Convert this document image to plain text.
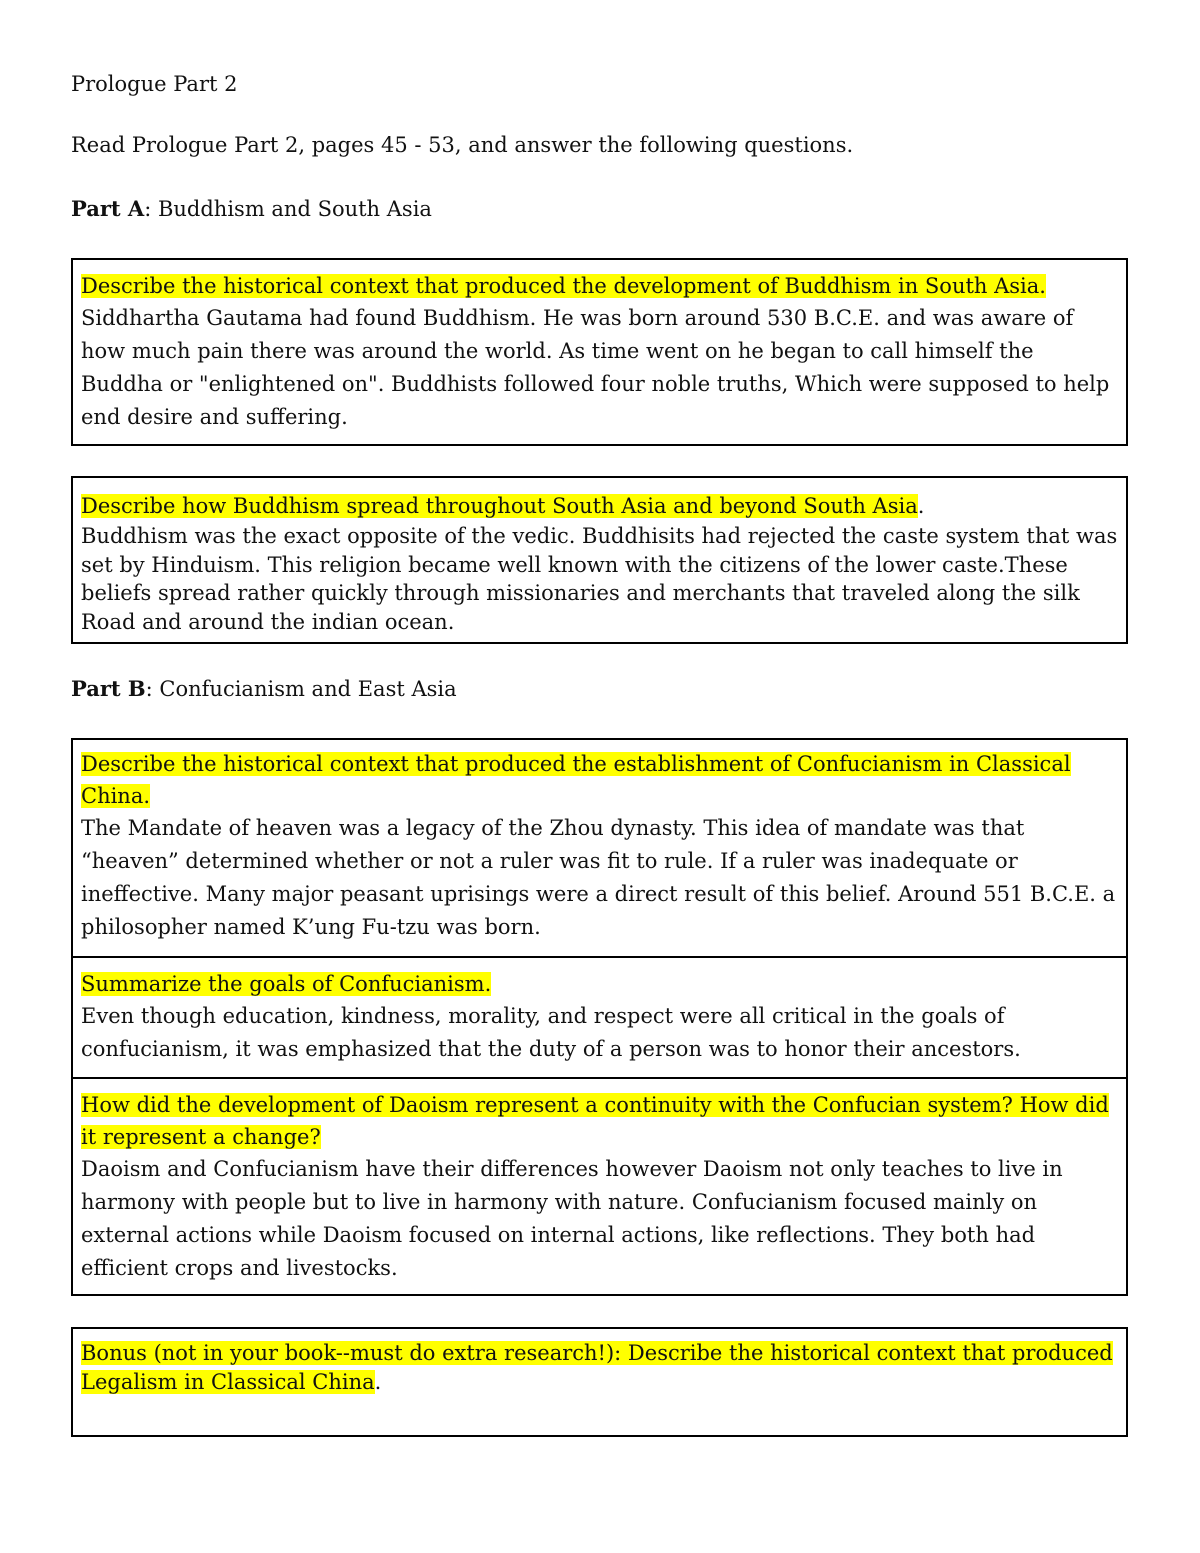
Prologue Part 2
Read Prologue Part 2, pages 45 - 53, and answer the following questions.
Part A: Buddhism and South Asia
Describe the historical context that produced the development of Buddhism in South Asia.
Siddhartha Gautama had found Buddhism. He was born around 530 B.C.E. and was aware of how much pain there was around the world. As time went on he began to call himself the Buddha or "enlightened on". Buddhists followed four noble truths, Which were supposed to help end desire and suffering.
Describe how Buddhism spread throughout South Asia and beyond South Asia.
Buddhism was the exact opposite of the vedic. Buddhisits had rejected the caste system that was set by Hinduism. This religion became well known with the citizens of the lower caste.These beliefs spread rather quickly through missionaries and merchants that traveled along the silk Road and around the indian ocean.
Part B: Confucianism and East Asia
Describe the historical context that produced the establishment of Confucianism in Classical China.
The Mandate of heaven was a legacy of the Zhou dynasty. This idea of mandate was that “heaven” determined whether or not a ruler was fit to rule. If a ruler was inadequate or ineffective. Many major peasant uprisings were a direct result of this belief. Around 551 B.C.E. a philosopher named K’ung Fu-tzu was born.
Summarize the goals of Confucianism.
Even though education, kindness, morality, and respect were all critical in the goals of confucianism, it was emphasized that the duty of a person was to honor their ancestors.
How did the development of Daoism represent a continuity with the Confucian system? How did it represent a change?
Daoism and Confucianism have their differences however Daoism not only teaches to live in harmony with people but to live in harmony with nature. Confucianism focused mainly on external actions while Daoism focused on internal actions, like reflections. They both had efficient crops and livestocks.
Bonus (not in your book--must do extra research!): Describe the historical context that produced Legalism in Classical China.
